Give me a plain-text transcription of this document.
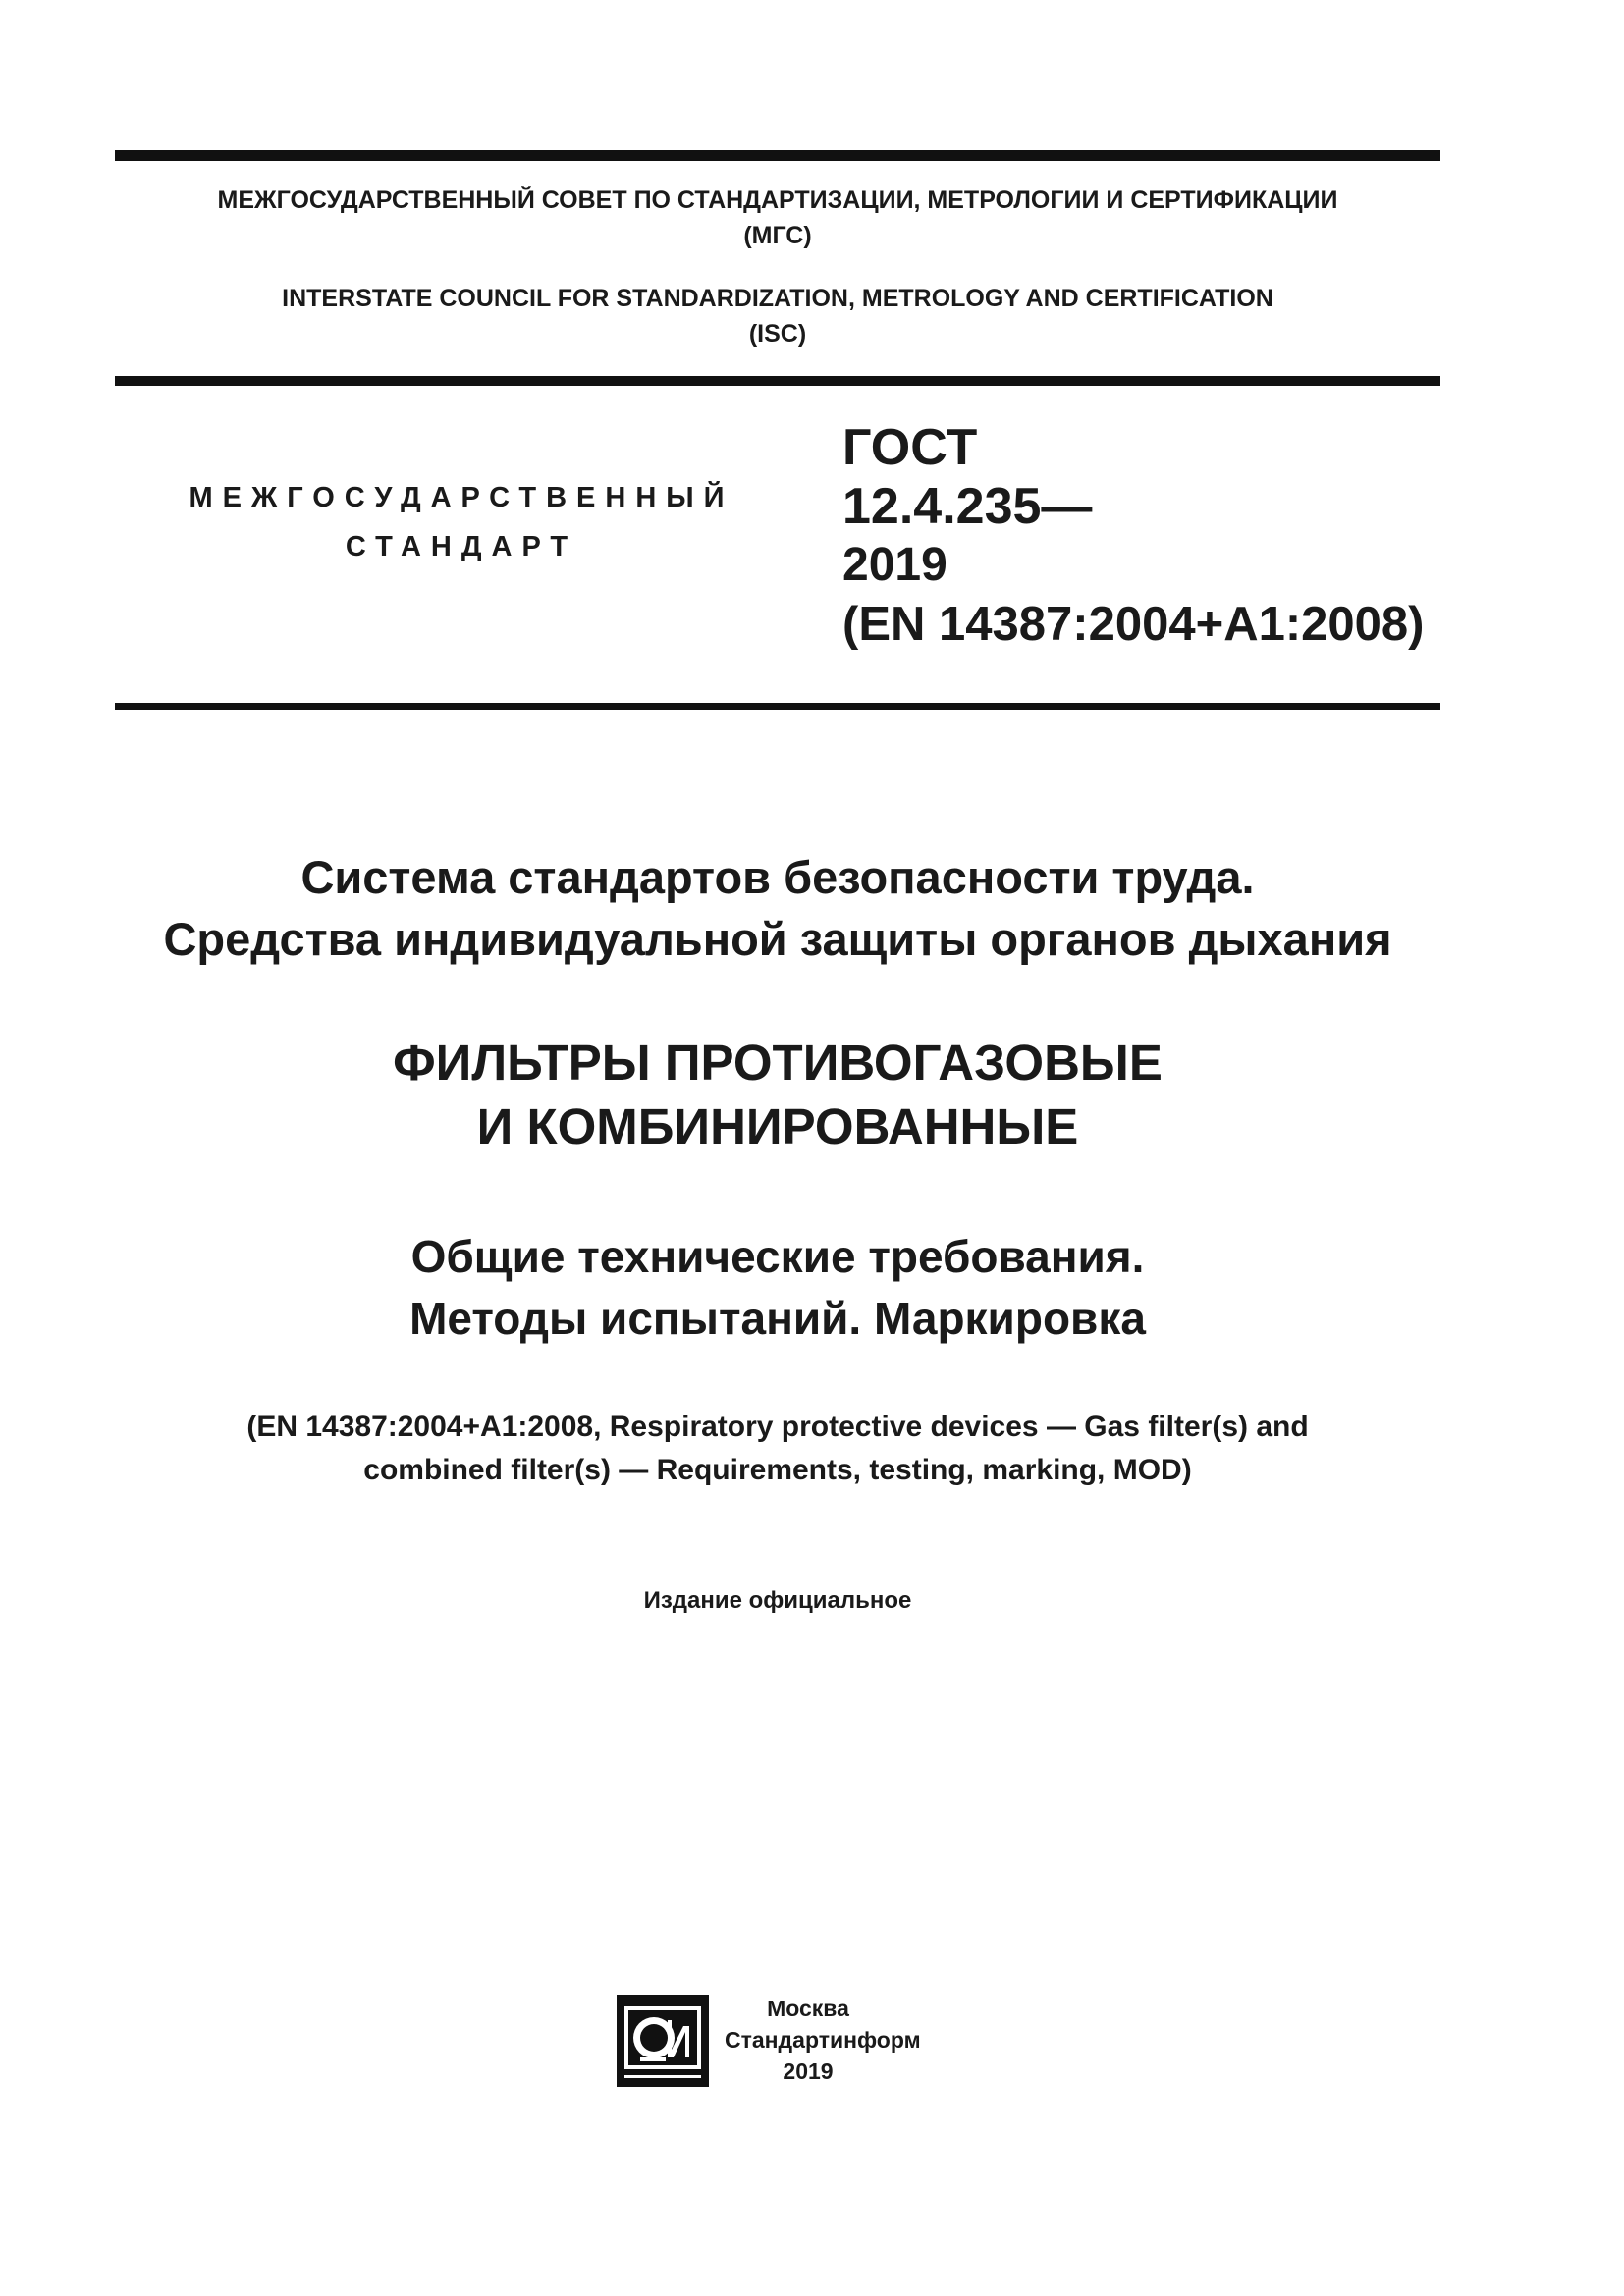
МЕЖГОСУДАРСТВЕННЫЙ СОВЕТ ПО СТАНДАРТИЗАЦИИ, МЕТРОЛОГИИ И СЕРТИФИКАЦИИ
(МГС)
INTERSTATE COUNCIL FOR STANDARDIZATION, METROLOGY AND CERTIFICATION
(ISC)
МЕЖГОСУДАРСТВЕННЫЙ
СТАНДАРТ
ГОСТ
12.4.235—
2019
(EN 14387:2004+A1:2008)
Система стандартов безопасности труда.
Средства индивидуальной защиты органов дыхания
ФИЛЬТРЫ ПРОТИВОГАЗОВЫЕ
И КОМБИНИРОВАННЫЕ
Общие технические требования.
Методы испытаний. Маркировка
(EN 14387:2004+A1:2008, Respiratory protective devices — Gas filter(s) and
combined filter(s) — Requirements, testing, marking, MOD)
Издание официальное
Москва
Стандартинформ
2019
